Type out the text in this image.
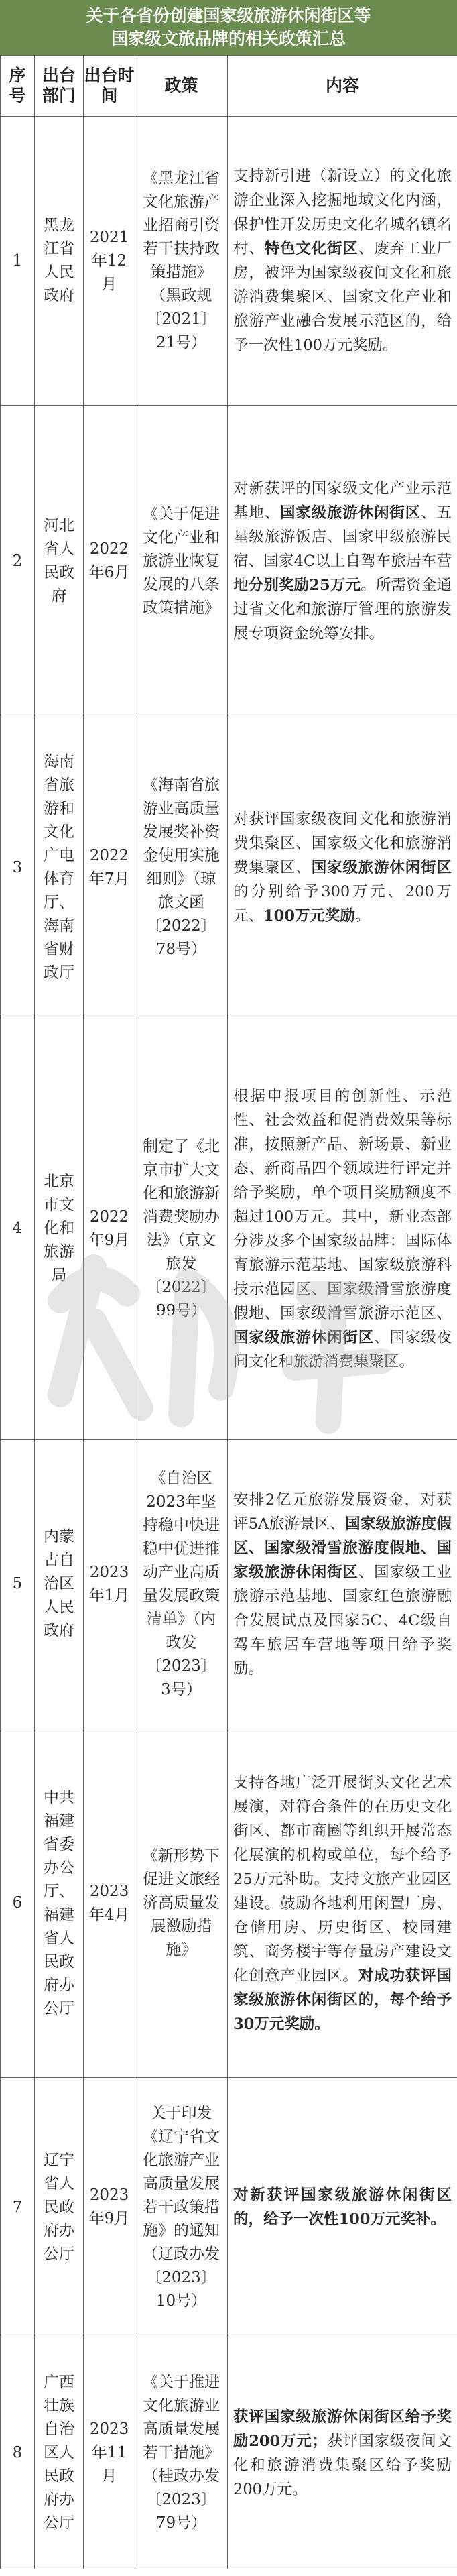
关于各省份创建国家级旅游休闲街区等
国家级文旅品牌的相关政策汇总
序号	出台部门	出台时间	政策	内容
1	黑龙江省人民政府	2021年12月	《黑龙江省文化旅游产业招商引资若干扶持政策措施》（黑政规〔2021〕21号）	支持新引进（新设立）的文化旅游企业深入挖掘地域文化内涵，保护性开发历史文化名城名镇名村、特色文化街区、废弃工业厂房，被评为国家级夜间文化和旅游消费集聚区、国家文化产业和旅游产业融合发展示范区的，给予一次性100万元奖励。
2	河北省人民政府	2022年6月	《关于促进文化产业和旅游业恢复发展的八条政策措施》	对新获评的国家级文化产业示范基地、国家级旅游休闲街区、五星级旅游饭店、国家甲级旅游民宿、国家4C以上自驾车旅居车营地分别奖励25万元。所需资金通过省文化和旅游厅管理的旅游发展专项资金统筹安排。
3	海南省旅游和文化广电体育厅、海南省财政厅	2022年7月	《海南省旅游业高质量发展奖补资金使用实施细则》（琼旅文函〔2022〕78号）	对获评国家级夜间文化和旅游消费集聚区、国家级文化和旅游消费集聚区、国家级旅游休闲街区的分别给予300万元、200万元、100万元奖励。
4	北京市文化和旅游局	2022年9月	制定了《北京市扩大文化和旅游新消费奖励办法》（京文旅发〔2022〕99号）	根据申报项目的创新性、示范性、社会效益和促消费效果等标准，按照新产品、新场景、新业态、新商品四个领域进行评定并给予奖励，单个项目奖励额度不超过100万元。其中，新业态部分涉及多个国家级品牌：国际体育旅游示范基地、国家级旅游科技示范园区、国家级滑雪旅游度假地、国家级滑雪旅游示范区、国家级旅游休闲街区、国家级夜间文化和旅游消费集聚区。
5	内蒙古自治区人民政府	2023年1月	《自治区2023年坚持稳中快进稳中优进推动产业高质量发展政策清单》（内政发〔2023〕3号）	安排2亿元旅游发展资金，对获评5A旅游景区、国家级旅游度假区、国家级滑雪旅游度假地、国家级旅游休闲街区、国家级工业旅游示范基地、国家红色旅游融合发展试点及国家5C、4C级自驾车旅居车营地等项目给予奖励。
6	中共福建省委办公厅、福建省人民政府办公厅	2023年4月	《新形势下促进文旅经济高质量发展激励措施》	支持各地广泛开展街头文化艺术展演，对符合条件的在历史文化街区、都市商圈等组织开展常态化展演的机构或单位，每个给予25万元补助。支持文旅产业园区建设。鼓励各地利用闲置厂房、仓储用房、历史街区、校园建筑、商务楼宇等存量房产建设文化创意产业园区。对成功获评国家级旅游休闲街区的，每个给予30万元奖励。
7	辽宁省人民政府办公厅	2023年9月	关于印发《辽宁省文化旅游产业高质量发展若干政策措施》的通知（辽政办发〔2023〕10号）	对新获评国家级旅游休闲街区的，给予一次性100万元奖补。
8	广西壮族自治区人民政府办公厅	2023年11月	《关于推进文化旅游业高质量发展若干措施》（桂政办发〔2023〕79号）	获评国家级旅游休闲街区给予奖励200万元；获评国家级夜间文化和旅游消费集聚区给予奖励200万元。
